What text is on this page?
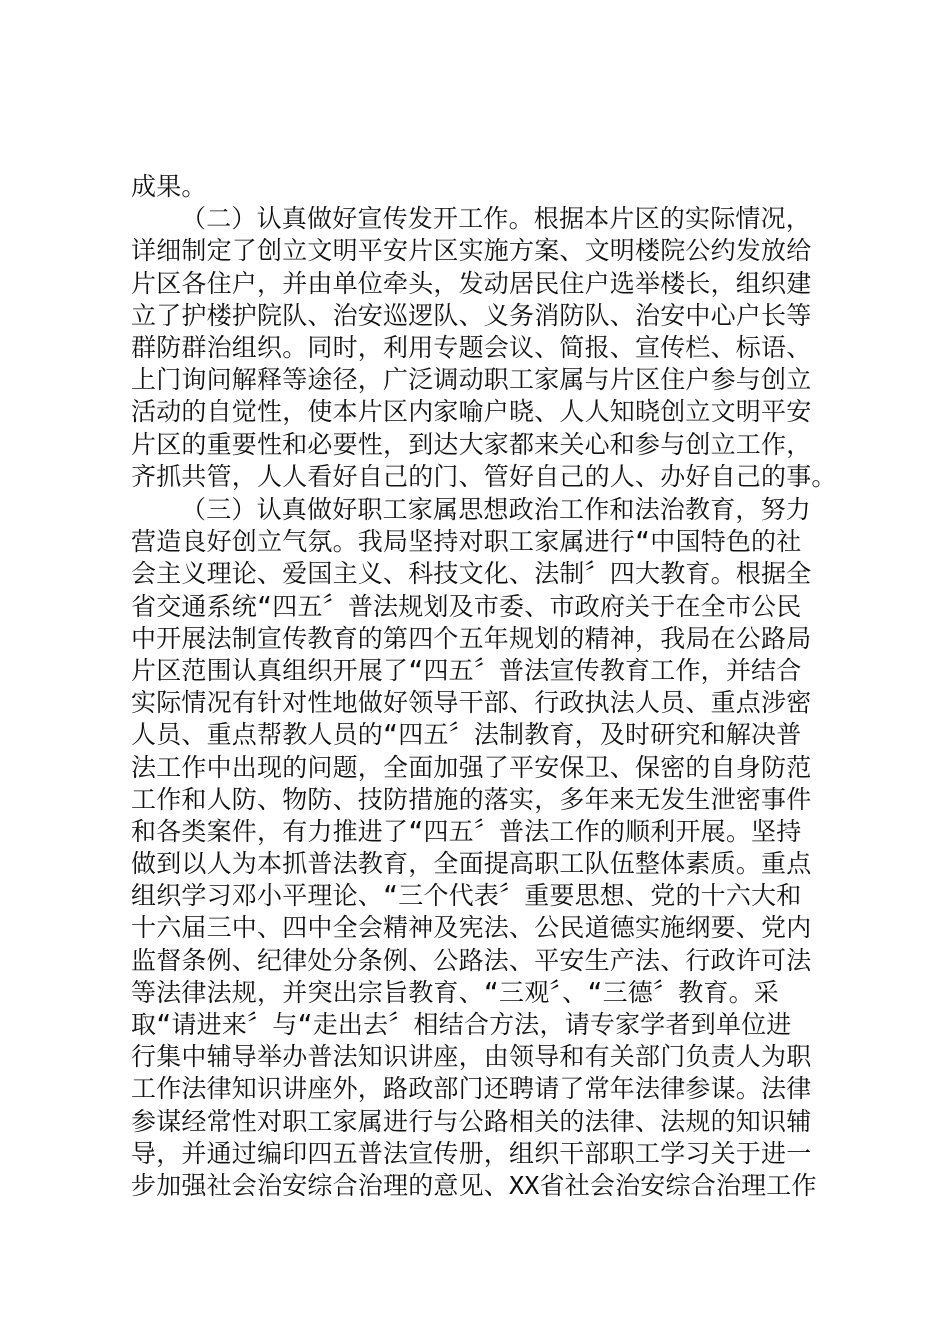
成果。
（二）认真做好宣传发开工作。根据本片区的实际情况，
详细制定了创立文明平安片区实施方案、文明楼院公约发放给
片区各住户，并由单位牵头，发动居民住户选举楼长，组织建
立了护楼护院队、治安巡逻队、义务消防队、治安中心户长等
群防群治组织。同时，利用专题会议、简报、宣传栏、标语、
上门询问解释等途径，广泛调动职工家属与片区住户参与创立
活动的自觉性，使本片区内家喻户晓、人人知晓创立文明平安
片区的重要性和必要性，到达大家都来关心和参与创立工作，
齐抓共管，人人看好自己的门、管好自己的人、办好自己的事。
（三）认真做好职工家属思想政治工作和法治教育，努力
营造良好创立气氛。我局坚持对职工家属进行“中国特色的社
会主义理论、爱国主义、科技文化、法制〞四大教育。根据全
省交通系统“四五〞普法规划及市委、市政府关于在全市公民
中开展法制宣传教育的第四个五年规划的精神，我局在公路局
片区范围认真组织开展了“四五〞普法宣传教育工作，并结合
实际情况有针对性地做好领导干部、行政执法人员、重点涉密
人员、重点帮教人员的“四五〞法制教育，及时研究和解决普
法工作中出现的问题，全面加强了平安保卫、保密的自身防范
工作和人防、物防、技防措施的落实，多年来无发生泄密事件
和各类案件，有力推进了“四五〞普法工作的顺利开展。坚持
做到以人为本抓普法教育，全面提高职工队伍整体素质。重点
组织学习邓小平理论、“三个代表〞重要思想、党的十六大和
十六届三中、四中全会精神及宪法、公民道德实施纲要、党内
监督条例、纪律处分条例、公路法、平安生产法、行政许可法
等法律法规，并突出宗旨教育、“三观〞、“三德〞教育。采
取“请进来〞与“走出去〞相结合方法，请专家学者到单位进
行集中辅导举办普法知识讲座，由领导和有关部门负责人为职
工作法律知识讲座外，路政部门还聘请了常年法律参谋。法律
参谋经常性对职工家属进行与公路相关的法律、法规的知识辅
导，并通过编印四五普法宣传册，组织干部职工学习关于进一
步加强社会治安综合治理的意见、XX省社会治安综合治理工作
